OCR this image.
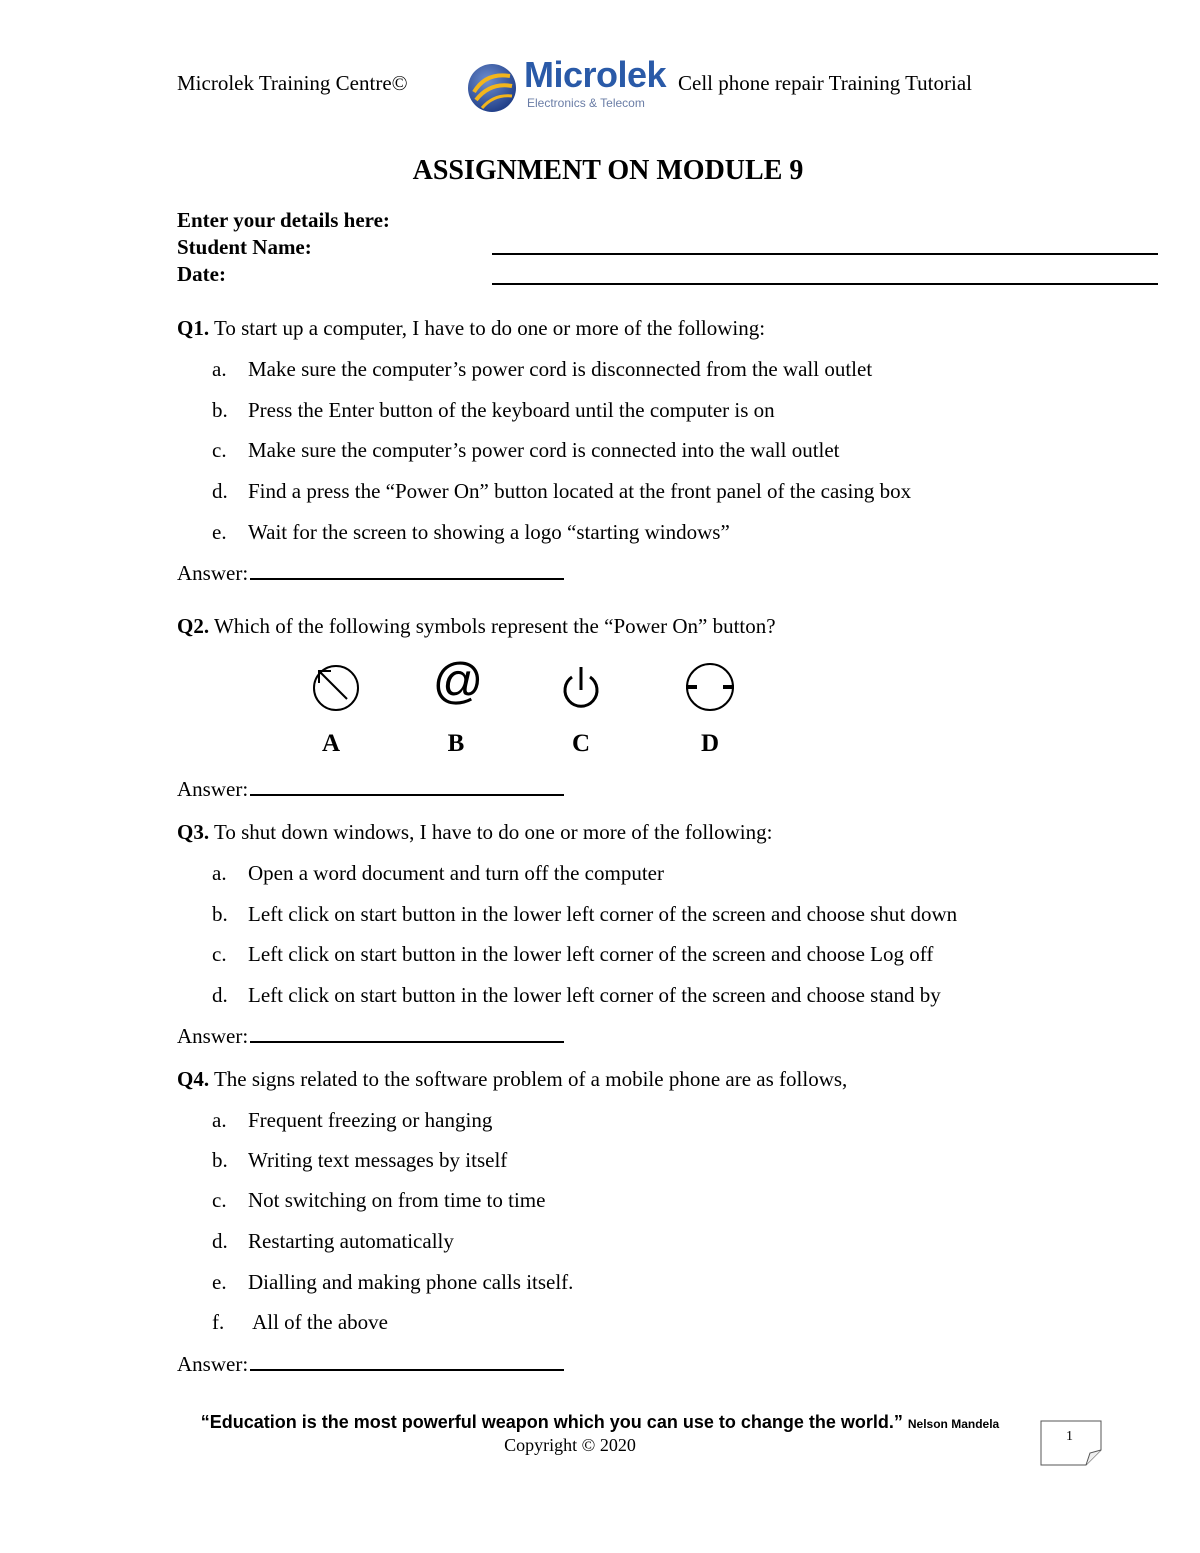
Microlek Training Centre©	Microlek
Electronics & Telecom
Cell phone repair Training Tutorial
ASSIGNMENT ON MODULE 9
Enter your details here:
Student Name:
Date:
Q1. To start up a computer, I have to do one or more of the following:
a. Make sure the computer’s power cord is disconnected from the wall outlet
b. Press the Enter button of the keyboard until the computer is on
c. Make sure the computer’s power cord is connected into the wall outlet
d. Find a press the “Power On” button located at the front panel of the casing box
e. Wait for the screen to showing a logo “starting windows”
Answer:
Q2. Which of the following symbols represent the “Power On” button?
@
A	B	C	D
Answer:
Q3. To shut down windows, I have to do one or more of the following:
a. Open a word document and turn off the computer
b. Left click on start button in the lower left corner of the screen and choose shut down
c. Left click on start button in the lower left corner of the screen and choose Log off
d. Left click on start button in the lower left corner of the screen and choose stand by
Answer:
Q4. The signs related to the software problem of a mobile phone are as follows,
a. Frequent freezing or hanging
b. Writing text messages by itself
c. Not switching on from time to time
d. Restarting automatically
e. Dialling and making phone calls itself.
f. All of the above
Answer:
“Education is the most powerful weapon which you can use to change the world.” Nelson Mandela
Copyright © 2020	1
